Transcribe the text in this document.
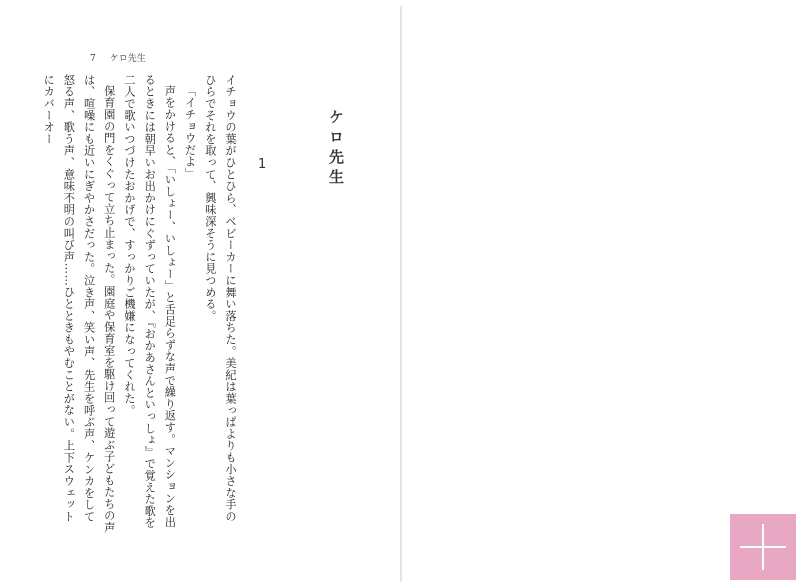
7 ケロ先生

イチョウの葉がひとひら、ベビーカーに舞い落ちた。美紀は葉っぱよりも小さな手のひらでそれを取って、興味深そうに見つめる。

「イチョウだよ」

声をかけると、「いしょー、いしょー」と舌足らずな声で繰り返す。マンションを出るときには朝早いお出かけにぐずっていたが、『おかあさんといっしょ』で覚えた歌を二人で歌いつづけたおかげで、すっかりご機嫌になってくれた。

保育園の門をくぐって立ち止まった。園庭や保育室を駆け回って遊ぶ子どもたちの声は、喧噪にも近いにぎやかさだった。泣き声、笑い声、先生を呼ぶ声、ケンカをして怒る声、歌う声、意味不明の叫び声……ひとときもやむことがない。上下スウェットにカバーオー	ケロ先生
1
